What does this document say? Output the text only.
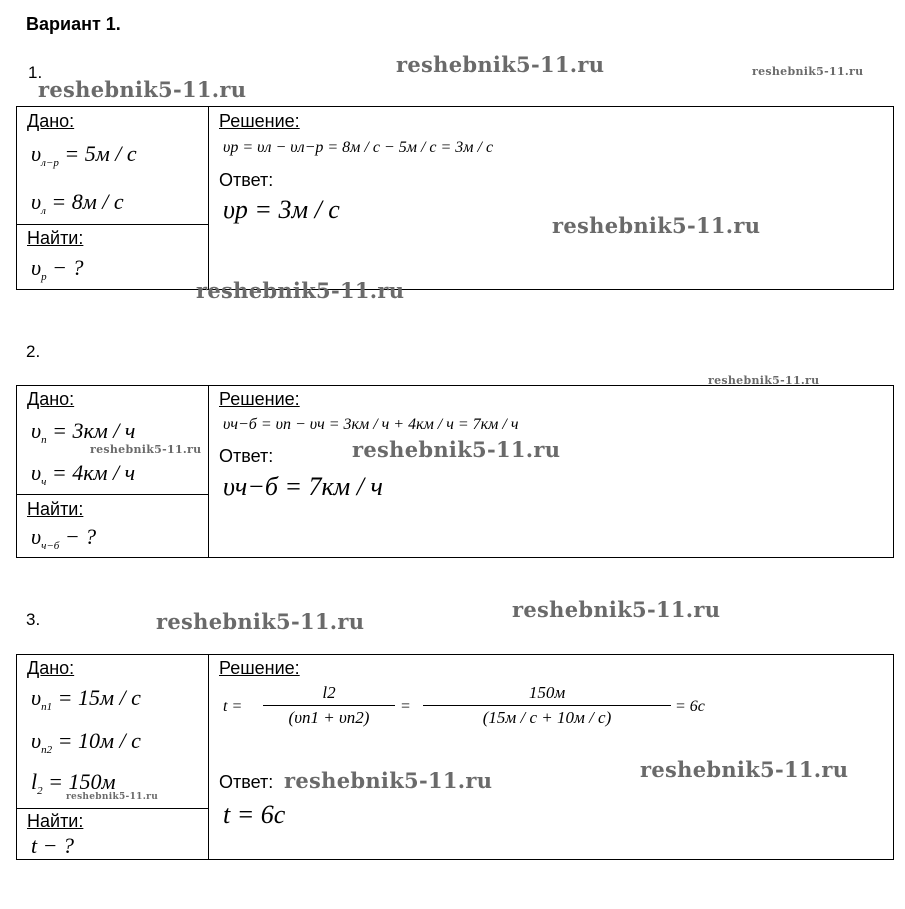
Вариант 1.
1.
Дано:
$\upsilon_{л-р} = 5м / с$
$\upsilon_л = 8м / с$
Найти:
$\upsilon_р$ − ?
Решение:
υр = υл − υл−р = 8м / с − 5м / с = 3м / с
Ответ:
υр = 3м / с
2.
Дано:
$\upsilon_п = 3км / ч$
$\upsilon_ч = 4км / ч$
Найти:
$\upsilon_{ч-б}$ − ?
Решение:
υч−б = υп − υч = 3км / ч + 4км / ч = 7км / ч
Ответ:
υч−б = 7км / ч
3.
Дано:
$\upsilon_{п1} = 15м / с$
$\upsilon_{п2} = 10м / с$
$l_2 = 150м$
Найти:
t − ?
Решение:
t =
l2
(υп1 + υп2)
=
150м
(15м / с + 10м / с)
= 6с
Ответ:
t = 6с
reshebnik5-11.ru	reshebnik5-11.ru
reshebnik5-11.ru
reshebnik5-11.ru
reshebnik5-11.ru
reshebnik5-11.ru
reshebnik5-11.ru	reshebnik5-11.ru
reshebnik5-11.ru
reshebnik5-11.ru
reshebnik5-11.ru
reshebnik5-11.ru
reshebnik5-11.ru
